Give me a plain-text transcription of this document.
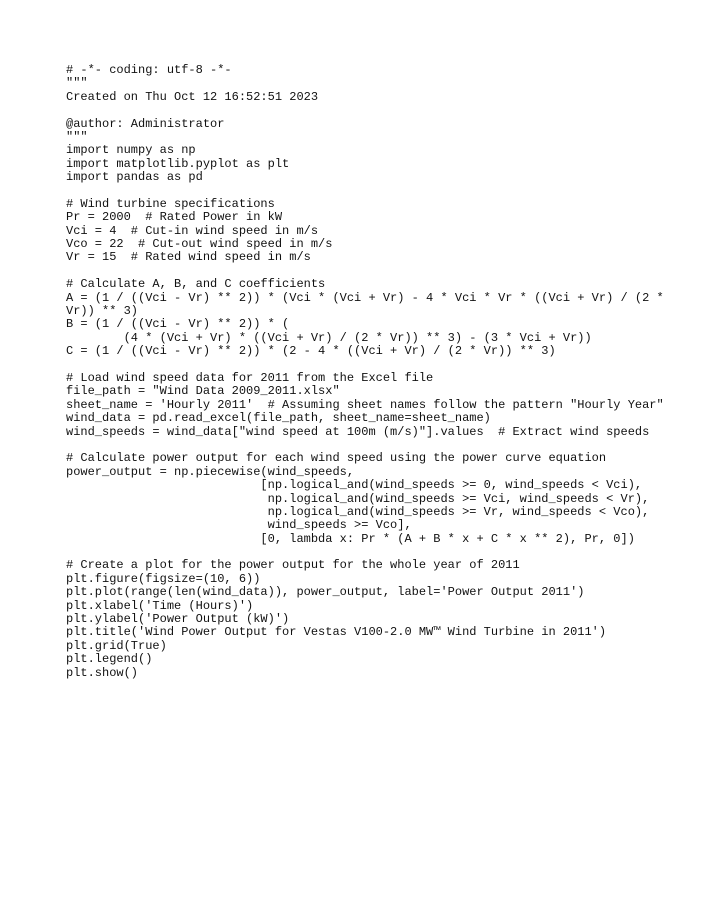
# -*- coding: utf-8 -*-
"""
Created on Thu Oct 12 16:52:51 2023
@author: Administrator
"""
import numpy as np
import matplotlib.pyplot as plt
import pandas as pd
# Wind turbine specifications
Pr = 2000  # Rated Power in kW
Vci = 4  # Cut-in wind speed in m/s
Vco = 22  # Cut-out wind speed in m/s
Vr = 15  # Rated wind speed in m/s
# Calculate A, B, and C coefficients
A = (1 / ((Vci - Vr) ** 2)) * (Vci * (Vci + Vr) - 4 * Vci * Vr * ((Vci + Vr) / (2 *
Vr)) ** 3)
B = (1 / ((Vci - Vr) ** 2)) * (
(4 * (Vci + Vr) * ((Vci + Vr) / (2 * Vr)) ** 3) - (3 * Vci + Vr))
C = (1 / ((Vci - Vr) ** 2)) * (2 - 4 * ((Vci + Vr) / (2 * Vr)) ** 3)
# Load wind speed data for 2011 from the Excel file
file_path = "Wind Data 2009_2011.xlsx"
sheet_name = 'Hourly 2011'  # Assuming sheet names follow the pattern "Hourly Year"
wind_data = pd.read_excel(file_path, sheet_name=sheet_name)
wind_speeds = wind_data["wind speed at 100m (m/s)"].values  # Extract wind speeds
# Calculate power output for each wind speed using the power curve equation
power_output = np.piecewise(wind_speeds,
[np.logical_and(wind_speeds >= 0, wind_speeds < Vci),
np.logical_and(wind_speeds >= Vci, wind_speeds < Vr),
np.logical_and(wind_speeds >= Vr, wind_speeds < Vco),
wind_speeds >= Vco],
[0, lambda x: Pr * (A + B * x + C * x ** 2), Pr, 0])
# Create a plot for the power output for the whole year of 2011
plt.figure(figsize=(10, 6))
plt.plot(range(len(wind_data)), power_output, label='Power Output 2011')
plt.xlabel('Time (Hours)')
plt.ylabel('Power Output (kW)')
plt.title('Wind Power Output for Vestas V100-2.0 MW™ Wind Turbine in 2011')
plt.grid(True)
plt.legend()
plt.show()
